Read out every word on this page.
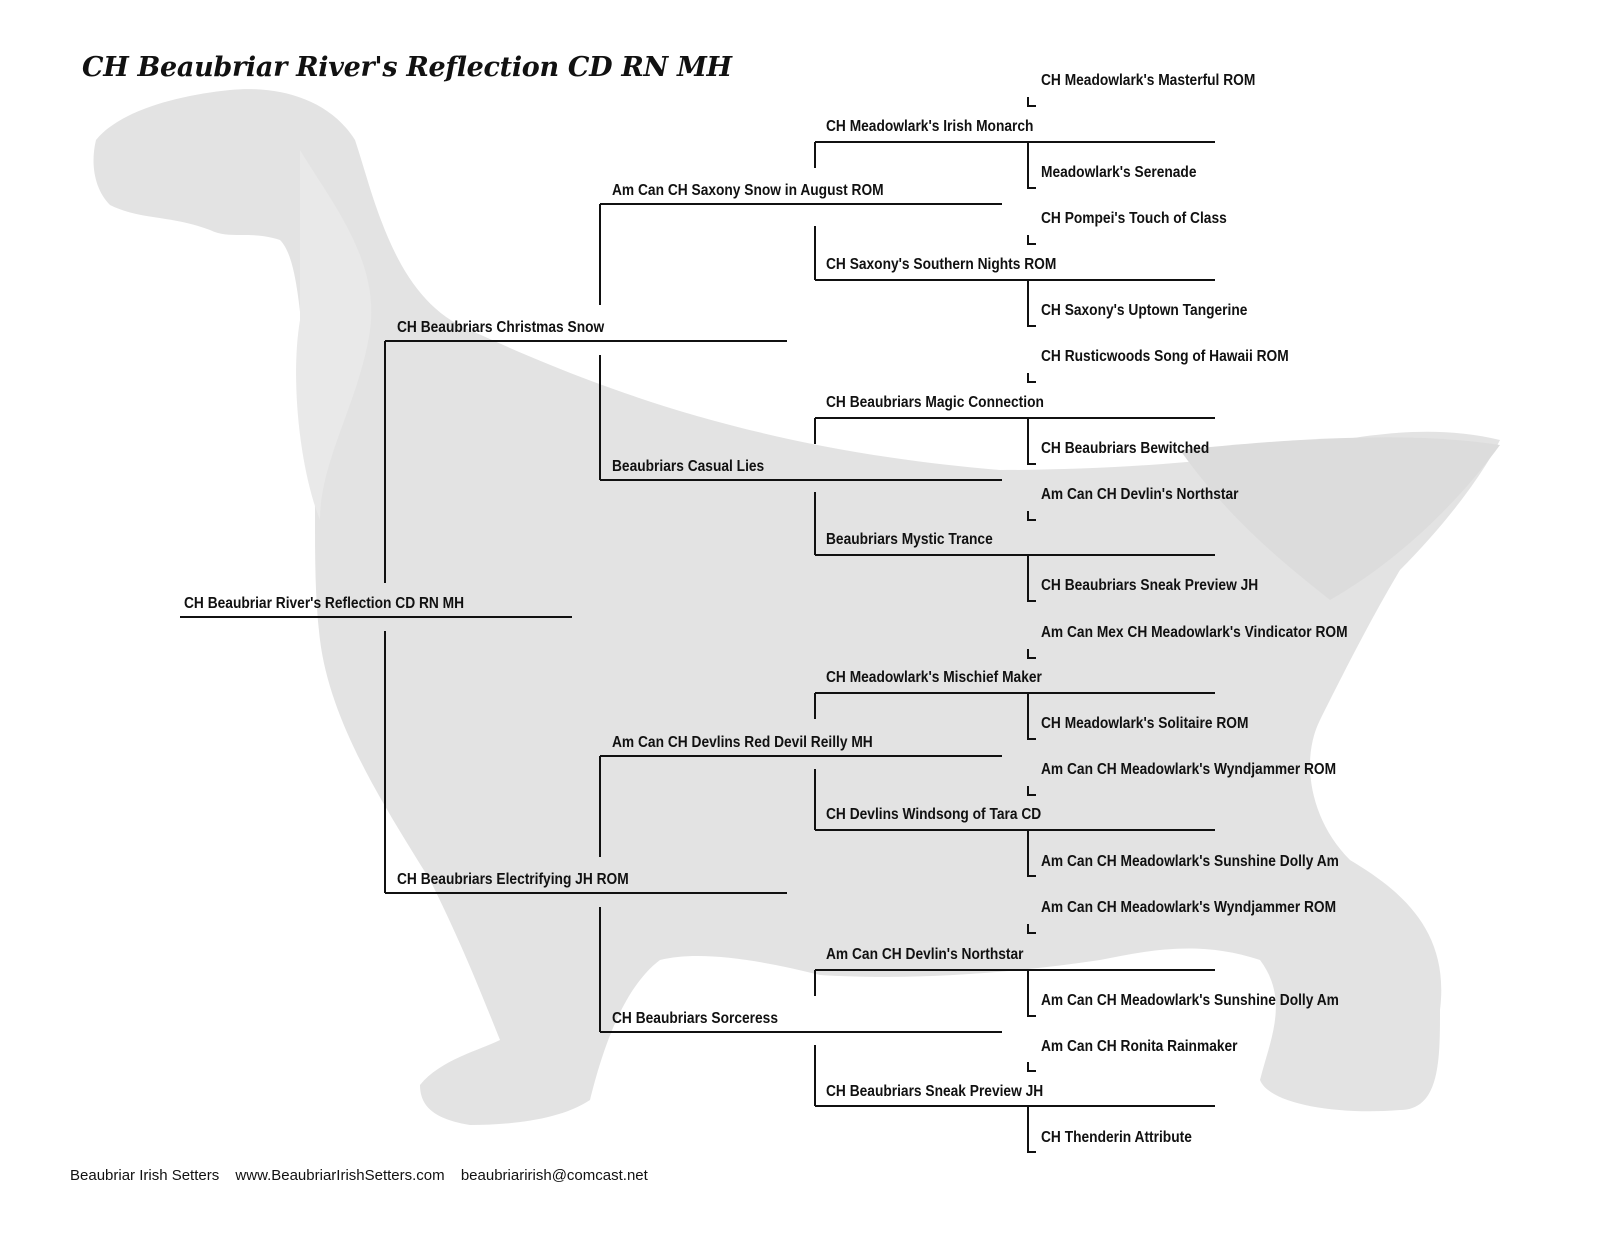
CH Beaubriar River's Reflection CD RN MH
CH Beaubriar River's Reflection CD RN MH
CH Beaubriars Christmas Snow
CH Beaubriars Electrifying JH ROM
Am Can CH Saxony Snow in August ROM
Beaubriars Casual Lies
Am Can CH Devlins Red Devil Reilly MH
CH Beaubriars Sorceress
CH Meadowlark's Irish Monarch
CH Saxony's Southern Nights ROM
CH Beaubriars Magic Connection
Beaubriars Mystic Trance
CH Meadowlark's Mischief Maker
CH Devlins Windsong of Tara CD
Am Can CH Devlin's Northstar
CH Beaubriars Sneak Preview JH
CH Meadowlark's Masterful ROM
Meadowlark's Serenade
CH Pompei's Touch of Class
CH Saxony's Uptown Tangerine
CH Rusticwoods Song of Hawaii ROM
CH Beaubriars Bewitched
Am Can CH Devlin's Northstar
CH Beaubriars Sneak Preview JH
Am Can Mex CH Meadowlark's Vindicator ROM
CH Meadowlark's Solitaire ROM
Am Can CH Meadowlark's Wyndjammer ROM
Am Can CH Meadowlark's Sunshine Dolly Am
Am Can CH Meadowlark's Wyndjammer ROM
Am Can CH Meadowlark's Sunshine Dolly Am
Am Can CH Ronita Rainmaker
CH Thenderin Attribute
Beaubriar Irish Setters www.BeaubriarIrishSetters.com beaubriarirish@comcast.net
